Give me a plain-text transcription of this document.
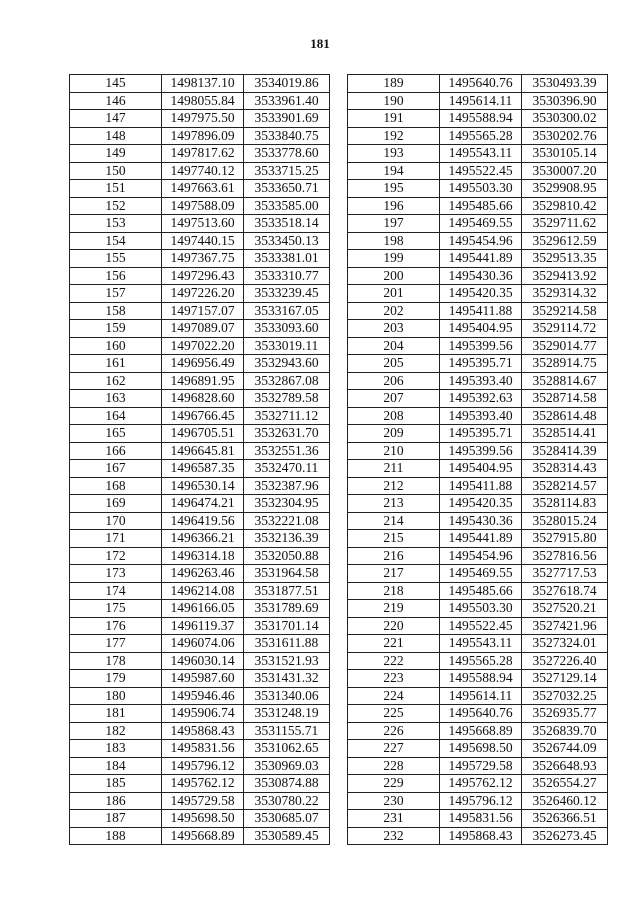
181
145	1498137.10	3534019.86
146	1498055.84	3533961.40
147	1497975.50	3533901.69
148	1497896.09	3533840.75
149	1497817.62	3533778.60
150	1497740.12	3533715.25
151	1497663.61	3533650.71
152	1497588.09	3533585.00
153	1497513.60	3533518.14
154	1497440.15	3533450.13
155	1497367.75	3533381.01
156	1497296.43	3533310.77
157	1497226.20	3533239.45
158	1497157.07	3533167.05
159	1497089.07	3533093.60
160	1497022.20	3533019.11
161	1496956.49	3532943.60
162	1496891.95	3532867.08
163	1496828.60	3532789.58
164	1496766.45	3532711.12
165	1496705.51	3532631.70
166	1496645.81	3532551.36
167	1496587.35	3532470.11
168	1496530.14	3532387.96
169	1496474.21	3532304.95
170	1496419.56	3532221.08
171	1496366.21	3532136.39
172	1496314.18	3532050.88
173	1496263.46	3531964.58
174	1496214.08	3531877.51
175	1496166.05	3531789.69
176	1496119.37	3531701.14
177	1496074.06	3531611.88
178	1496030.14	3531521.93
179	1495987.60	3531431.32
180	1495946.46	3531340.06
181	1495906.74	3531248.19
182	1495868.43	3531155.71
183	1495831.56	3531062.65
184	1495796.12	3530969.03
185	1495762.12	3530874.88
186	1495729.58	3530780.22
187	1495698.50	3530685.07
188	1495668.89	3530589.45
189	1495640.76	3530493.39
190	1495614.11	3530396.90
191	1495588.94	3530300.02
192	1495565.28	3530202.76
193	1495543.11	3530105.14
194	1495522.45	3530007.20
195	1495503.30	3529908.95
196	1495485.66	3529810.42
197	1495469.55	3529711.62
198	1495454.96	3529612.59
199	1495441.89	3529513.35
200	1495430.36	3529413.92
201	1495420.35	3529314.32
202	1495411.88	3529214.58
203	1495404.95	3529114.72
204	1495399.56	3529014.77
205	1495395.71	3528914.75
206	1495393.40	3528814.67
207	1495392.63	3528714.58
208	1495393.40	3528614.48
209	1495395.71	3528514.41
210	1495399.56	3528414.39
211	1495404.95	3528314.43
212	1495411.88	3528214.57
213	1495420.35	3528114.83
214	1495430.36	3528015.24
215	1495441.89	3527915.80
216	1495454.96	3527816.56
217	1495469.55	3527717.53
218	1495485.66	3527618.74
219	1495503.30	3527520.21
220	1495522.45	3527421.96
221	1495543.11	3527324.01
222	1495565.28	3527226.40
223	1495588.94	3527129.14
224	1495614.11	3527032.25
225	1495640.76	3526935.77
226	1495668.89	3526839.70
227	1495698.50	3526744.09
228	1495729.58	3526648.93
229	1495762.12	3526554.27
230	1495796.12	3526460.12
231	1495831.56	3526366.51
232	1495868.43	3526273.45
